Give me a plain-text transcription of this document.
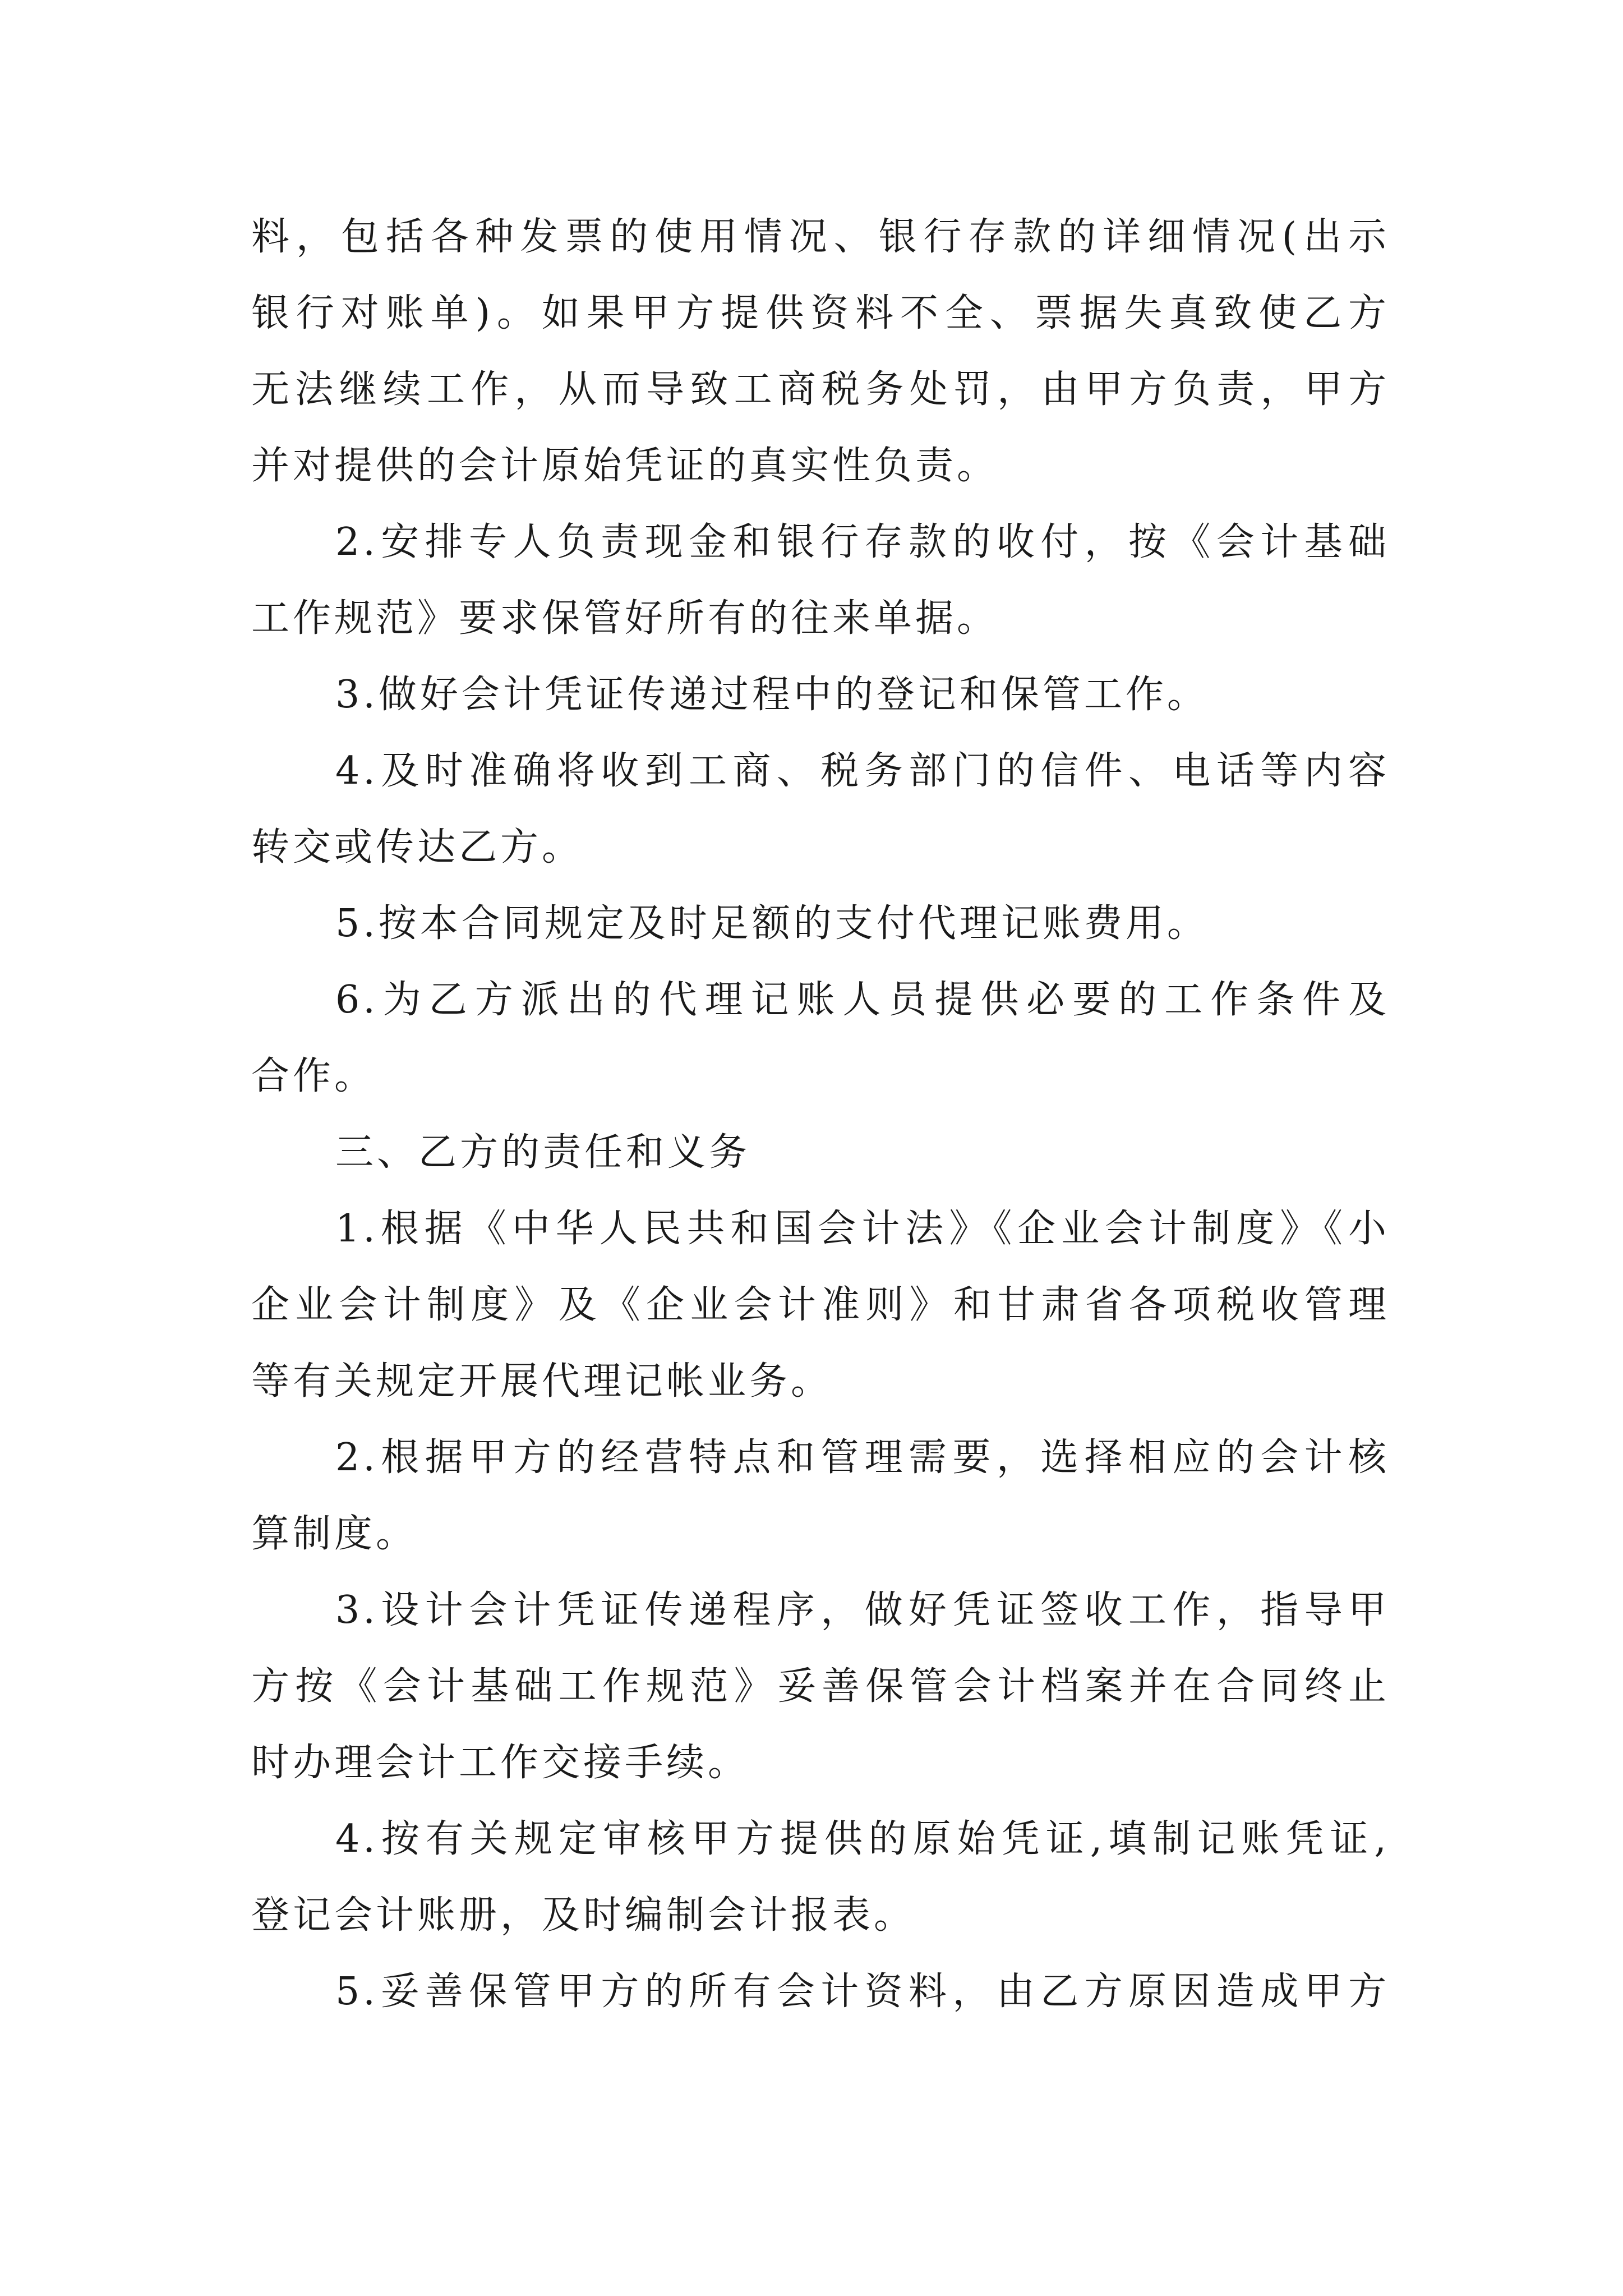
料，包括各种发票的使用情况、银行存款的详细情况(出示
银行对账单)。如果甲方提供资料不全、票据失真致使乙方
无法继续工作，从而导致工商税务处罚，由甲方负责，甲方
并对提供的会计原始凭证的真实性负责。
2.安排专人负责现金和银行存款的收付，按《会计基础
工作规范》要求保管好所有的往来单据。
3.做好会计凭证传递过程中的登记和保管工作。
4.及时准确将收到工商、税务部门的信件、电话等内容
转交或传达乙方。
5.按本合同规定及时足额的支付代理记账费用。
6.为乙方派出的代理记账人员提供必要的工作条件及
合作。
三、乙方的责任和义务
1.根据《中华人民共和国会计法》《企业会计制度》《小
企业会计制度》及《企业会计准则》和甘肃省各项税收管理
等有关规定开展代理记帐业务。
2.根据甲方的经营特点和管理需要，选择相应的会计核
算制度。
3.设计会计凭证传递程序，做好凭证签收工作，指导甲
方按《会计基础工作规范》妥善保管会计档案并在合同终止
时办理会计工作交接手续。
4.按有关规定审核甲方提供的原始凭证,填制记账凭证,
登记会计账册，及时编制会计报表。
5.妥善保管甲方的所有会计资料，由乙方原因造成甲方
